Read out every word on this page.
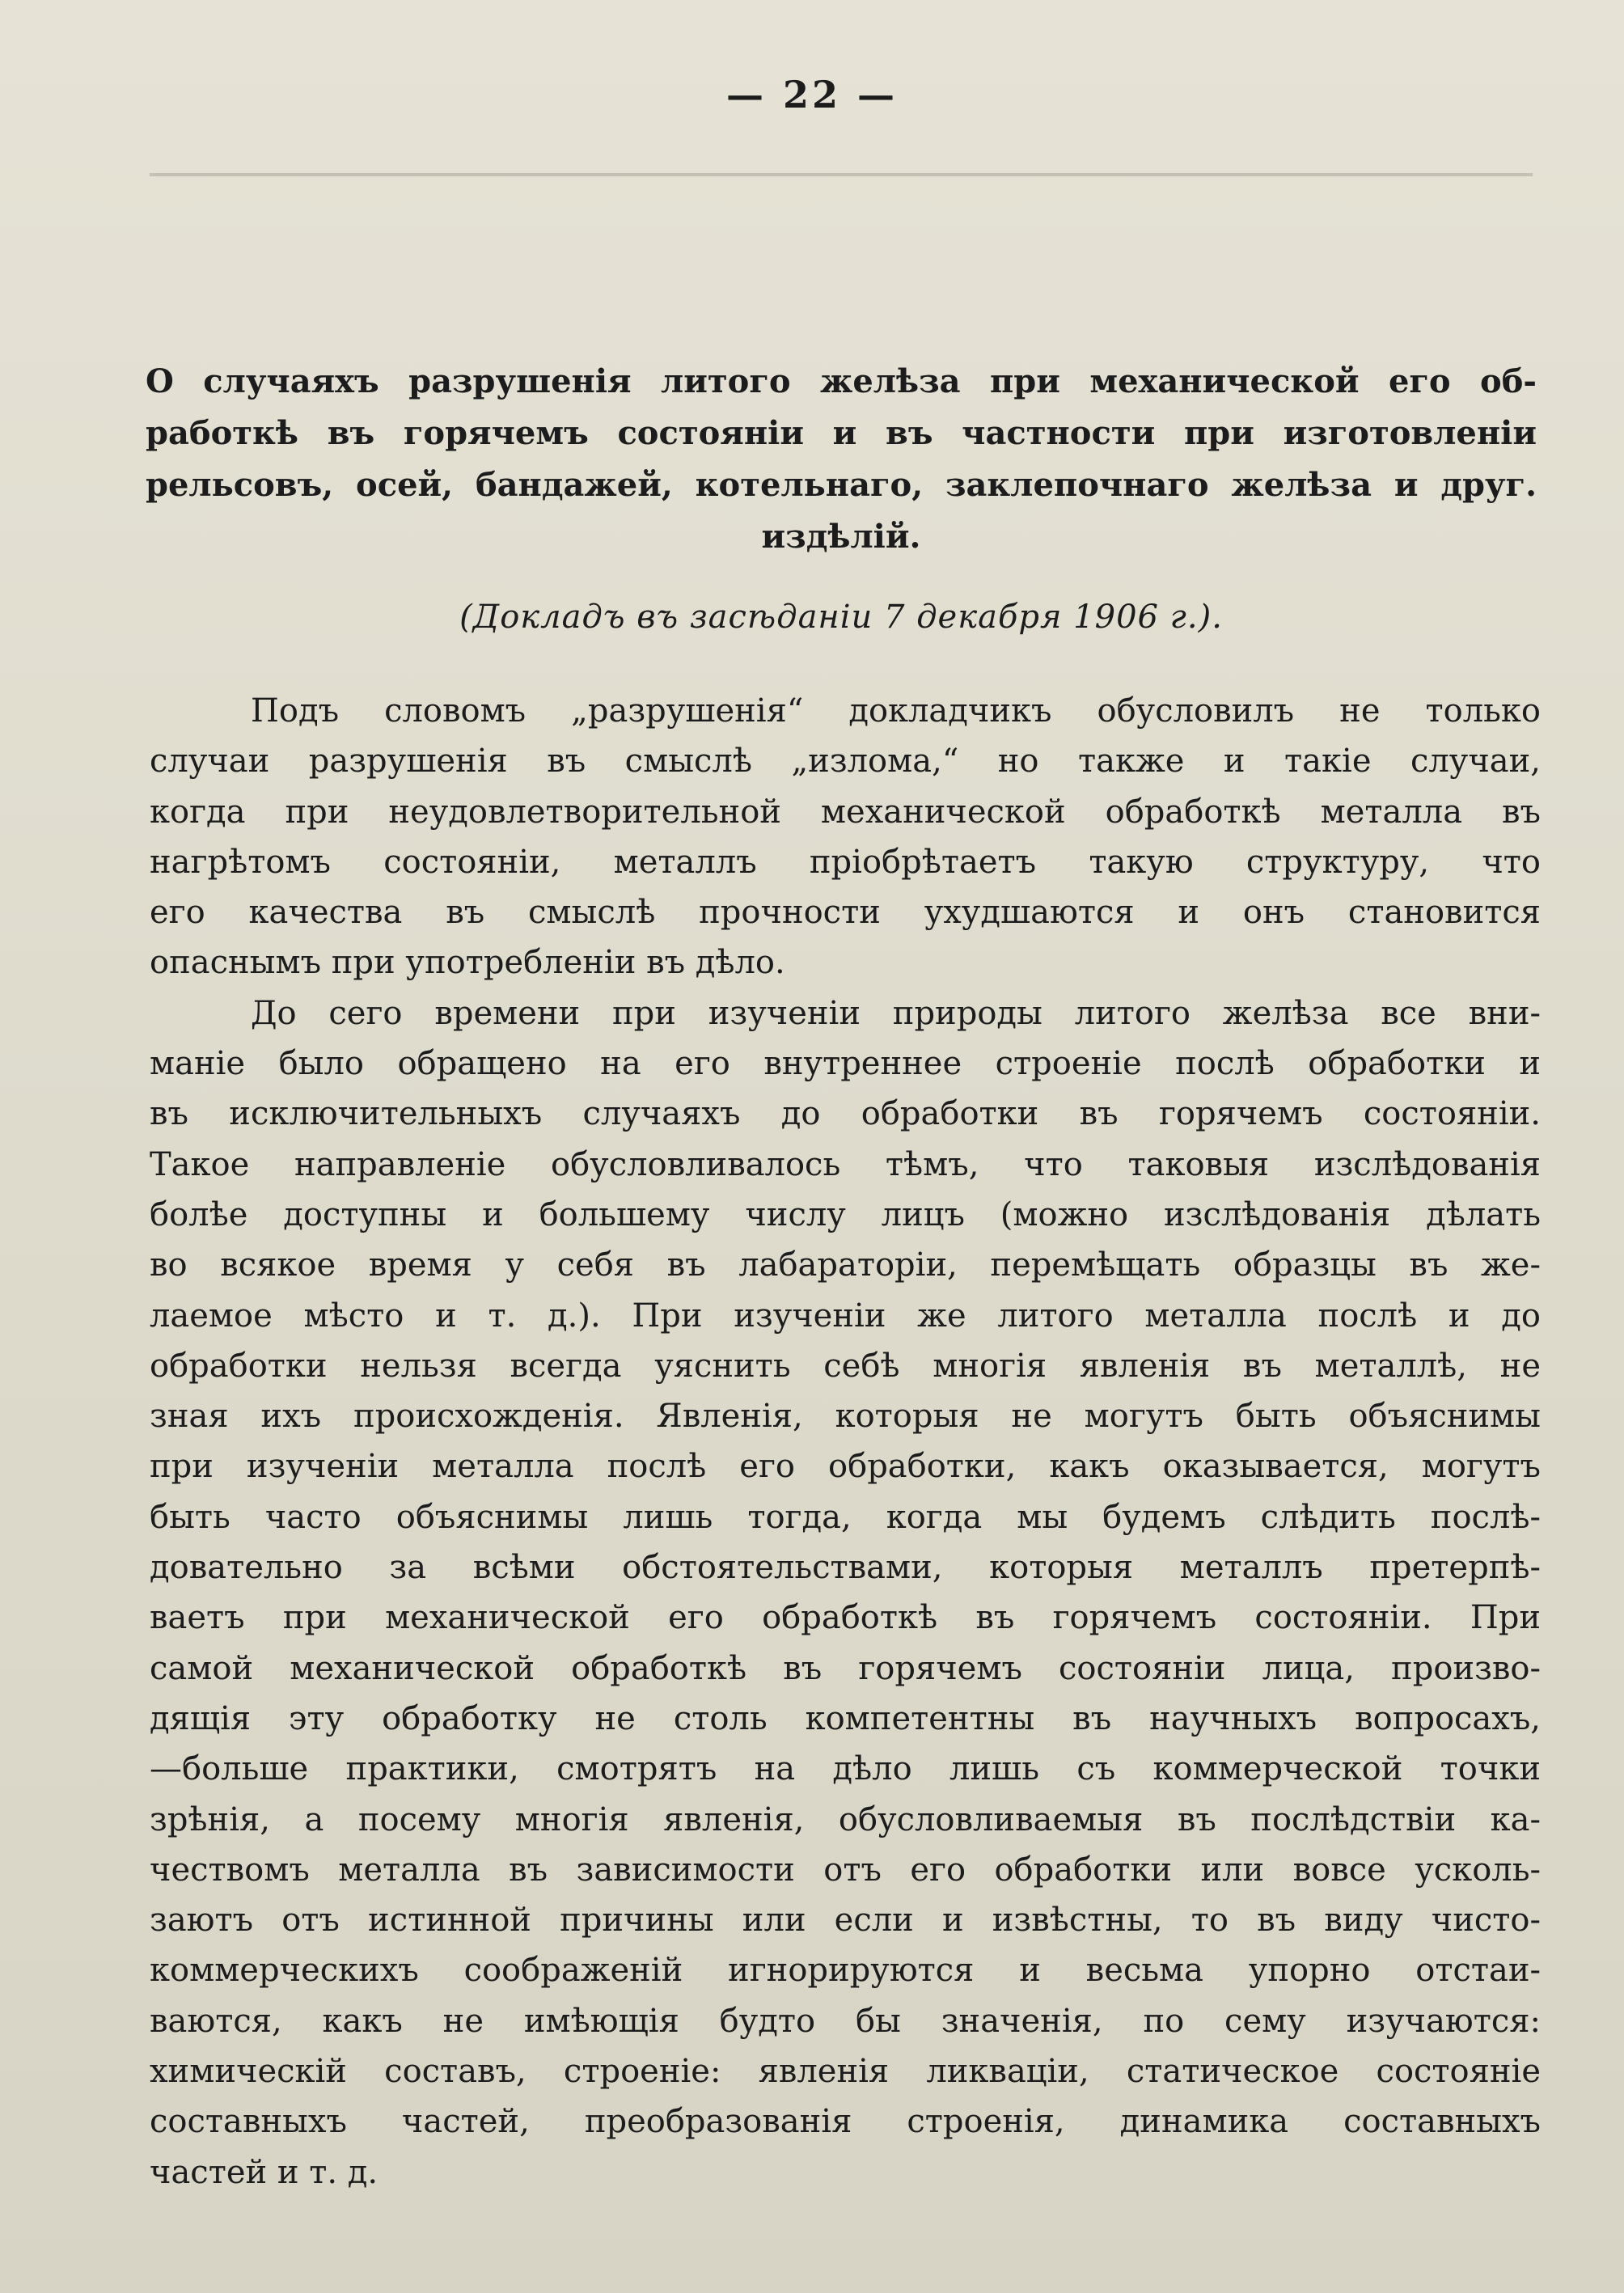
— 22 —
О случаяхъ разрушенія литого желѣза при механической его об-
работкѣ въ горячемъ состояніи и въ частности при изготовленіи
рельсовъ, осей, бандажей, котельнаго, заклепочнаго желѣза и друг.
издѣлій.
(Докладъ въ засѣданіи 7 декабря 1906 г.).
Подъ словомъ „разрушенія“ докладчикъ обусловилъ не только
случаи разрушенія въ смыслѣ „излома,“ но также и такіе случаи,
когда при неудовлетворительной механической обработкѣ металла въ
нагрѣтомъ состояніи, металлъ пріобрѣтаетъ такую структуру, что
его качества въ смыслѣ прочности ухудшаются и онъ становится
опаснымъ при употребленіи въ дѣло.
До сего времени при изученіи природы литого желѣза все вни-
маніе было обращено на его внутреннее строеніе послѣ обработки и
въ исключительныхъ случаяхъ до обработки въ горячемъ состояніи.
Такое направленіе обусловливалось тѣмъ, что таковыя изслѣдованія
болѣе доступны и большему числу лицъ (можно изслѣдованія дѣлать
во всякое время у себя въ лабараторіи, перемѣщать образцы въ же-
лаемое мѣсто и т. д.). При изученіи же литого металла послѣ и до
обработки нельзя всегда уяснить себѣ многія явленія въ металлѣ, не
зная ихъ происхожденія. Явленія, которыя не могутъ быть объяснимы
при изученіи металла послѣ его обработки, какъ оказывается, могутъ
быть часто объяснимы лишь тогда, когда мы будемъ слѣдить послѣ-
довательно за всѣми обстоятельствами, которыя металлъ претерпѣ-
ваетъ при механической его обработкѣ въ горячемъ состояніи. При
самой механической обработкѣ въ горячемъ состояніи лица, произво-
дящія эту обработку не столь компетентны въ научныхъ вопросахъ,
—больше практики, смотрятъ на дѣло лишь съ коммерческой точки
зрѣнія, а посему многія явленія, обусловливаемыя въ послѣдствіи ка-
чествомъ металла въ зависимости отъ его обработки или вовсе усколь-
заютъ отъ истинной причины или если и извѣстны, то въ виду чисто-
коммерческихъ соображеній игнорируются и весьма упорно отстаи-
ваются, какъ не имѣющія будто бы значенія, по сему изучаются:
химическій составъ, строеніе: явленія ликваціи, статическое состояніе
составныхъ частей, преобразованія строенія, динамика составныхъ
частей и т. д.
